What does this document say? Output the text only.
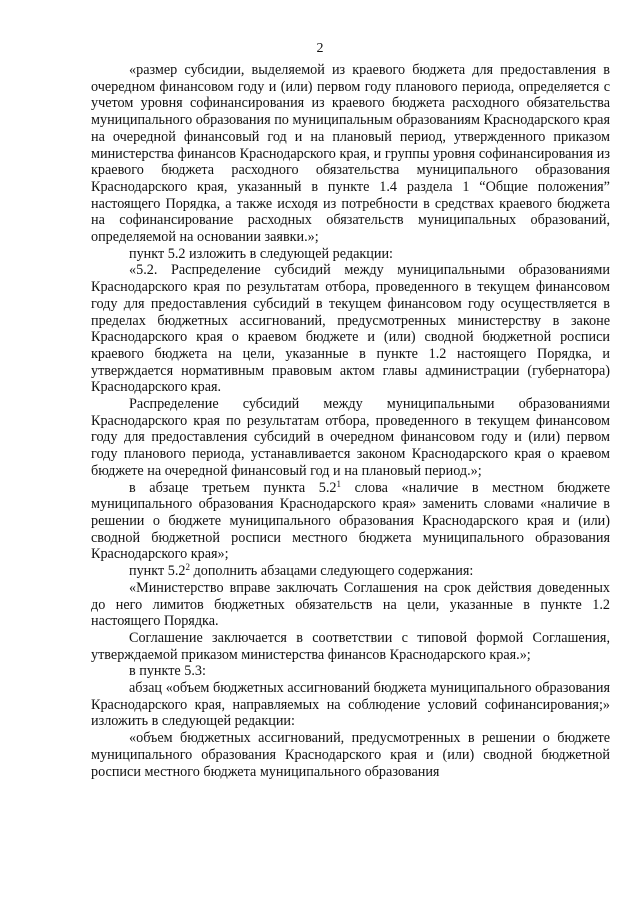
2

«размер субсидии, выделяемой из краевого бюджета для предоставления в очередном финансовом году и (или) первом году планового периода, определяется с учетом уровня софинансирования из краевого бюджета расходного обязательства муниципального образования по муниципальным образованиям Краснодарского края на очередной финансовый год и на плановый период, утвержденного приказом министерства финансов Краснодарского края, и группы уровня софинансирования из краевого бюджета расходного обязательства муниципального образования Краснодарского края, указанный в пункте 1.4 раздела 1 “Общие положения” настоящего Порядка, а также исходя из потребности в средствах краевого бюджета на софинансирование расходных обязательств муниципальных образований, определяемой на основании заявки.»;

пункт 5.2 изложить в следующей редакции:

«5.2. Распределение субсидий между муниципальными образованиями Краснодарского края по результатам отбора, проведенного в текущем финансовом году для предоставления субсидий в текущем финансовом году осуществляется в пределах бюджетных ассигнований, предусмотренных министерству в законе Краснодарского края о краевом бюджете и (или) сводной бюджетной росписи краевого бюджета на цели, указанные в пункте 1.2 настоящего Порядка, и утверждается нормативным правовым актом главы администрации (губернатора) Краснодарского края.

Распределение субсидий между муниципальными образованиями Краснодарского края по результатам отбора, проведенного в текущем финансовом году для предоставления субсидий в очередном финансовом году и (или) первом году планового периода, устанавливается законом Краснодарского края о краевом бюджете на очередной финансовый год и на плановый период.»;

в абзаце третьем пункта $5.2^1$ слова «наличие в местном бюджете муниципального образования Краснодарского края» заменить словами «наличие в решении о бюджете муниципального образования Краснодарского края и (или) сводной бюджетной росписи местного бюджета муниципального образования Краснодарского края»;

пункт $5.2^2$ дополнить абзацами следующего содержания:

«Министерство вправе заключать Соглашения на срок действия доведенных до него лимитов бюджетных обязательств на цели, указанные в пункте 1.2 настоящего Порядка.

Соглашение заключается в соответствии с типовой формой Соглашения, утверждаемой приказом министерства финансов Краснодарского края.»;

в пункте 5.3:

абзац «объем бюджетных ассигнований бюджета муниципального образования Краснодарского края, направляемых на соблюдение условий софинансирования;» изложить в следующей редакции:

«объем бюджетных ассигнований, предусмотренных в решении о бюджете муниципального образования Краснодарского края и (или) сводной бюджетной росписи местного бюджета муниципального образования
